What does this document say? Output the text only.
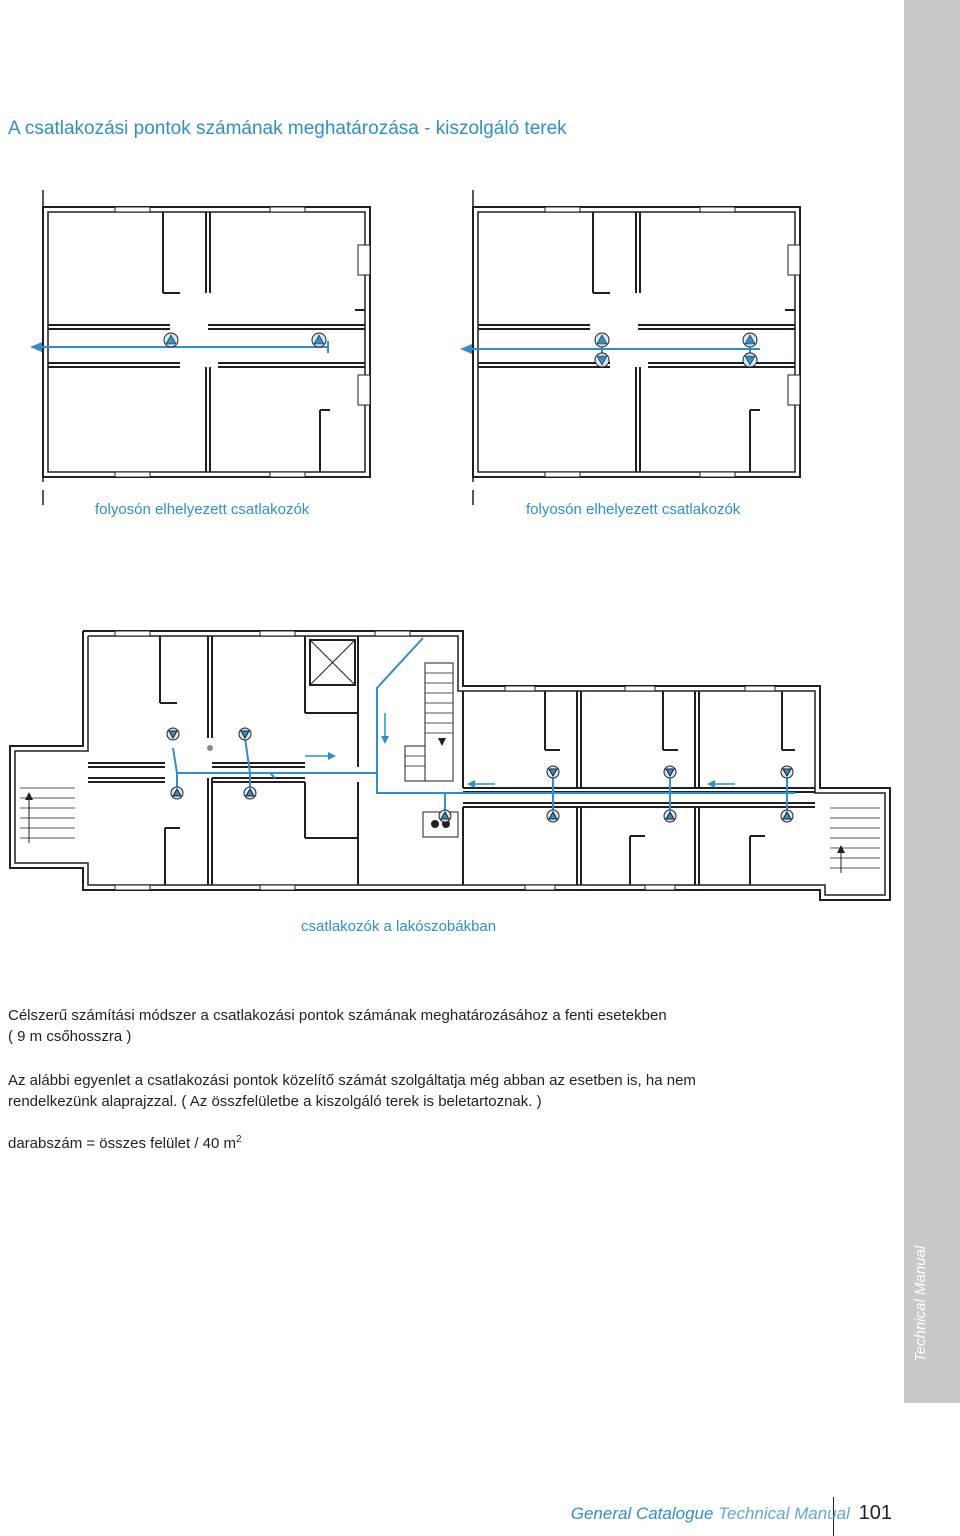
Technical Manual
A csatlakozási pontok számának meghatározása - kiszolgáló terek
folyosón elhelyezett csatlakozók	folyosón elhelyezett csatlakozók
csatlakozók a lakószobákban

Célszerű számítási módszer a csatlakozási pontok számának meghatározásához a fenti esetekben
( 9 m csőhosszra )

Az alábbi egyenlet a csatlakozási pontok közelítő számát szolgáltatja még abban az esetben is, ha nem
rendelkezünk alaprajzzal. ( Az összfelületbe a kiszolgáló terek is beletartoznak. )

darabszám = összes felület / 40 $m^2$

General Catalogue Technical Manual 101
